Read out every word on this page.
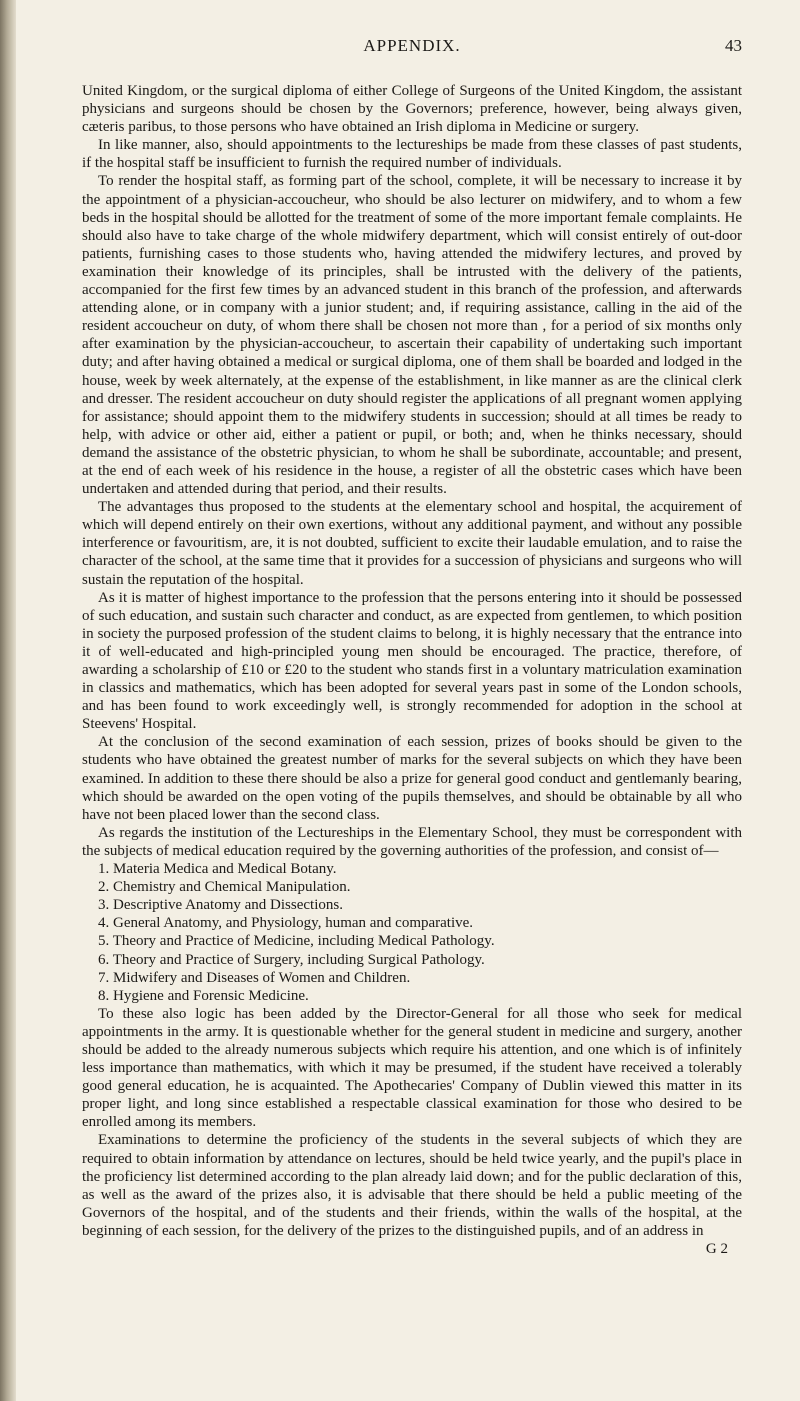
APPENDIX.	43

United Kingdom, or the surgical diploma of either College of Surgeons of the United Kingdom, the assistant physicians and surgeons should be chosen by the Governors; preference, however, being always given, cæteris paribus, to those persons who have obtained an Irish diploma in Medicine or surgery.

In like manner, also, should appointments to the lectureships be made from these classes of past students, if the hospital staff be insufficient to furnish the required number of individuals.

To render the hospital staff, as forming part of the school, complete, it will be necessary to increase it by the appointment of a physician-accoucheur, who should be also lecturer on midwifery, and to whom a few beds in the hospital should be allotted for the treatment of some of the more important female complaints. He should also have to take charge of the whole midwifery department, which will consist entirely of out-door patients, furnishing cases to those students who, having attended the midwifery lectures, and proved by examination their knowledge of its principles, shall be intrusted with the delivery of the patients, accompanied for the first few times by an advanced student in this branch of the profession, and afterwards attending alone, or in company with a junior student; and, if requiring assistance, calling in the aid of the resident accoucheur on duty, of whom there shall be chosen not more than , for a period of six months only after examination by the physician-accoucheur, to ascertain their capability of undertaking such important duty; and after having obtained a medical or surgical diploma, one of them shall be boarded and lodged in the house, week by week alternately, at the expense of the establishment, in like manner as are the clinical clerk and dresser. The resident accoucheur on duty should register the applications of all pregnant women applying for assistance; should appoint them to the midwifery students in succession; should at all times be ready to help, with advice or other aid, either a patient or pupil, or both; and, when he thinks necessary, should demand the assistance of the obstetric physician, to whom he shall be subordinate, accountable; and present, at the end of each week of his residence in the house, a register of all the obstetric cases which have been undertaken and attended during that period, and their results.

The advantages thus proposed to the students at the elementary school and hospital, the acquirement of which will depend entirely on their own exertions, without any additional payment, and without any possible interference or favouritism, are, it is not doubted, sufficient to excite their laudable emulation, and to raise the character of the school, at the same time that it provides for a succession of physicians and surgeons who will sustain the reputation of the hospital.

As it is matter of highest importance to the profession that the persons entering into it should be possessed of such education, and sustain such character and conduct, as are expected from gentlemen, to which position in society the purposed profession of the student claims to belong, it is highly necessary that the entrance into it of well-educated and high-principled young men should be encouraged. The practice, therefore, of awarding a scholarship of £10 or £20 to the student who stands first in a voluntary matriculation examination in classics and mathematics, which has been adopted for several years past in some of the London schools, and has been found to work exceedingly well, is strongly recommended for adoption in the school at Steevens' Hospital.

At the conclusion of the second examination of each session, prizes of books should be given to the students who have obtained the greatest number of marks for the several subjects on which they have been examined. In addition to these there should be also a prize for general good conduct and gentlemanly bearing, which should be awarded on the open voting of the pupils themselves, and should be obtainable by all who have not been placed lower than the second class.

As regards the institution of the Lectureships in the Elementary School, they must be correspondent with the subjects of medical education required by the governing authorities of the profession, and consist of—

1. Materia Medica and Medical Botany.
2. Chemistry and Chemical Manipulation.
3. Descriptive Anatomy and Dissections.
4. General Anatomy, and Physiology, human and comparative.
5. Theory and Practice of Medicine, including Medical Pathology.
6. Theory and Practice of Surgery, including Surgical Pathology.
7. Midwifery and Diseases of Women and Children.
8. Hygiene and Forensic Medicine.

To these also logic has been added by the Director-General for all those who seek for medical appointments in the army. It is questionable whether for the general student in medicine and surgery, another should be added to the already numerous subjects which require his attention, and one which is of infinitely less importance than mathematics, with which it may be presumed, if the student have received a tolerably good general education, he is acquainted. The Apothecaries' Company of Dublin viewed this matter in its proper light, and long since established a respectable classical examination for those who desired to be enrolled among its members.

Examinations to determine the proficiency of the students in the several subjects of which they are required to obtain information by attendance on lectures, should be held twice yearly, and the pupil's place in the proficiency list determined according to the plan already laid down; and for the public declaration of this, as well as the award of the prizes also, it is advisable that there should be held a public meeting of the Governors of the hospital, and of the students and their friends, within the walls of the hospital, at the beginning of each session, for the delivery of the prizes to the distinguished pupils, and of an address in

G 2
